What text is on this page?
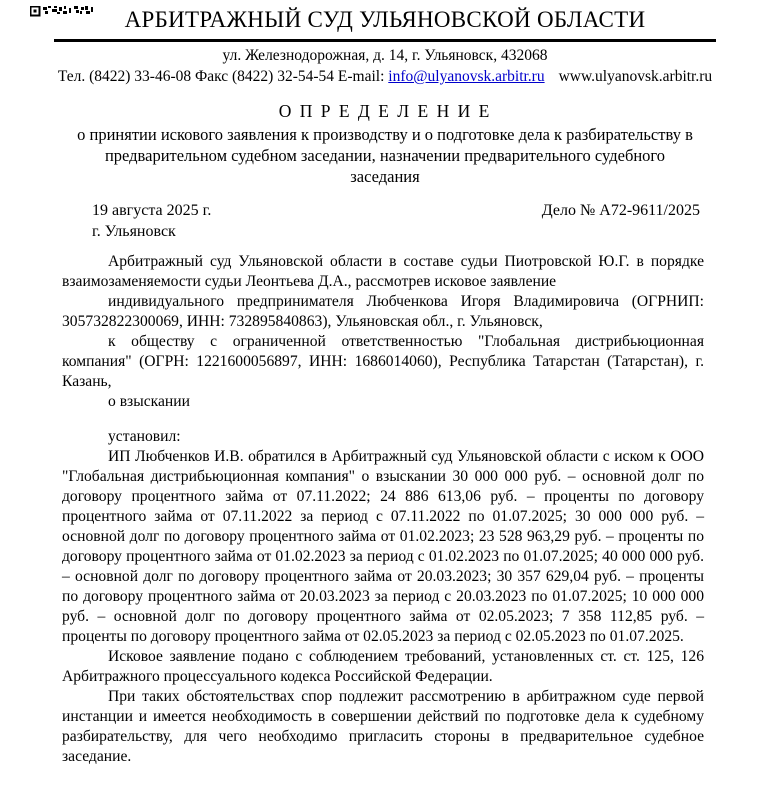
АРБИТРАЖНЫЙ СУД УЛЬЯНОВСКОЙ ОБЛАСТИ
ул. Железнодорожная, д. 14, г. Ульяновск, 432068
Тел. (8422) 33-46-08 Факс (8422) 32-54-54 E-mail: info@ulyanovsk.arbitr.ru www.ulyanovsk.arbitr.ru
О П Р Е Д Е Л Е Н И Е
о принятии искового заявления к производству и о подготовке дела к разбирательству в предварительном судебном заседании, назначении предварительного судебного заседания
19 августа 2025 г.	Дело № А72-9611/2025
г. Ульяновск

Арбитражный суд Ульяновской области в составе судьи Пиотровской Ю.Г. в порядке взаимозаменяемости судьи Леонтьева Д.А., рассмотрев исковое заявление

индивидуального предпринимателя Любченкова Игоря Владимировича (ОГРНИП: 305732822300069, ИНН: 732895840863), Ульяновская обл., г. Ульяновск,

к обществу с ограниченной ответственностью "Глобальная дистрибьюционная компания" (ОГРН: 1221600056897, ИНН: 1686014060), Республика Татарстан (Татарстан), г. Казань,

о взыскании

установил:

ИП Любченков И.В. обратился в Арбитражный суд Ульяновской области с иском к ООО "Глобальная дистрибьюционная компания" о взыскании 30 000 000 руб. – основной долг по договору процентного займа от 07.11.2022; 24 886 613,06 руб. – проценты по договору процентного займа от 07.11.2022 за период с 07.11.2022 по 01.07.2025; 30 000 000 руб. – основной долг по договору процентного займа от 01.02.2023; 23 528 963,29 руб. – проценты по договору процентного займа от 01.02.2023 за период с 01.02.2023 по 01.07.2025; 40 000 000 руб. – основной долг по договору процентного займа от 20.03.2023; 30 357 629,04 руб. – проценты по договору процентного займа от 20.03.2023 за период с 20.03.2023 по 01.07.2025; 10 000 000 руб. – основной долг по договору процентного займа от 02.05.2023; 7 358 112,85 руб. – проценты по договору процентного займа от 02.05.2023 за период с 02.05.2023 по 01.07.2025.

Исковое заявление подано с соблюдением требований, установленных ст. ст. 125, 126 Арбитражного процессуального кодекса Российской Федерации.

При таких обстоятельствах спор подлежит рассмотрению в арбитражном суде первой инстанции и имеется необходимость в совершении действий по подготовке дела к судебному разбирательству, для чего необходимо пригласить стороны в предварительное судебное заседание.
